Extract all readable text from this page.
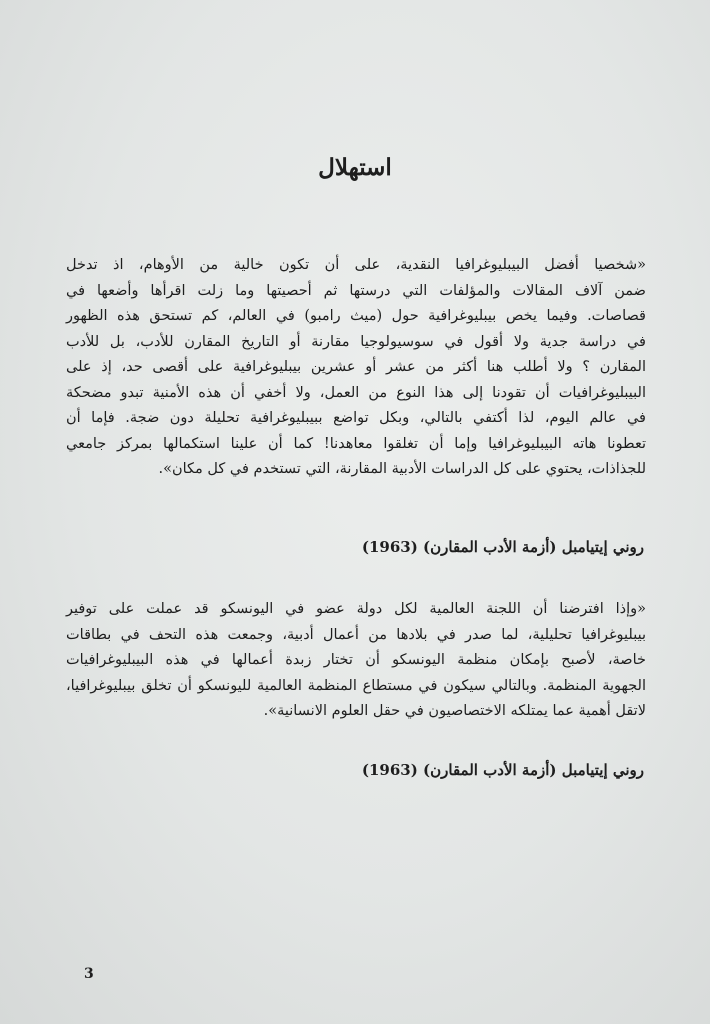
استهلال
«شخصيا أفضل البيبليوغرافيا النقدية، على أن تكون خالية من الأوهام، اذ تدخل
ضمن آلاف المقالات والمؤلفات التي درستها ثم أحصيتها وما زلت اقرأها وأضعها في
قصاصات. وفيما يخص بيبليوغرافية حول (ميث رامبو) في العالم، كم تستحق هذه الظهور
في دراسة جدية ولا أقول في سوسيولوجيا مقارنة أو التاريخ المقارن للأدب، بل للأدب
المقارن ؟ ولا أطلب هنا أكثر من عشر أو عشرين بيبليوغرافية على أقصى حد، إذ على
البيبليوغرافيات أن تقودنا إلى هذا النوع من العمل، ولا أخفي أن هذه الأمنية تبدو مضحكة
في عالم اليوم، لذا أكتفي بالتالي، وبكل تواضع ببيبليوغرافية تحليلة دون ضجة. فإما أن
تعطونا هاته البيبليوغرافيا وإما أن تغلقوا معاهدنا! كما أن علينا استكمالها بمركز جامعي
للجذاذات، يحتوي على كل الدراسات الأدبية المقارنة، التي تستخدم في كل مكان».

روني إيتيامبل (أزمة الأدب المقارن) (1963)

«وإذا افترضنا أن اللجنة العالمية لكل دولة عضو في اليونسكو قد عملت على توفير
بيبليوغرافيا تحليلية، لما صدر في بلادها من أعمال أدبية، وجمعت هذه التحف في بطاقات
خاصة، لأصبح بإمكان منظمة اليونسكو أن تختار زبدة أعمالها في هذه البيبليوغرافيات
الجهوية المنظمة. وبالتالي سيكون في مستطاع المنظمة العالمية لليونسكو أن تخلق بيبليوغرافيا،
لاتقل أهمية عما يمتلكه الاختصاصيون في حقل العلوم الانسانية».

روني إيتيامبل (أزمة الأدب المقارن) (1963)

3
